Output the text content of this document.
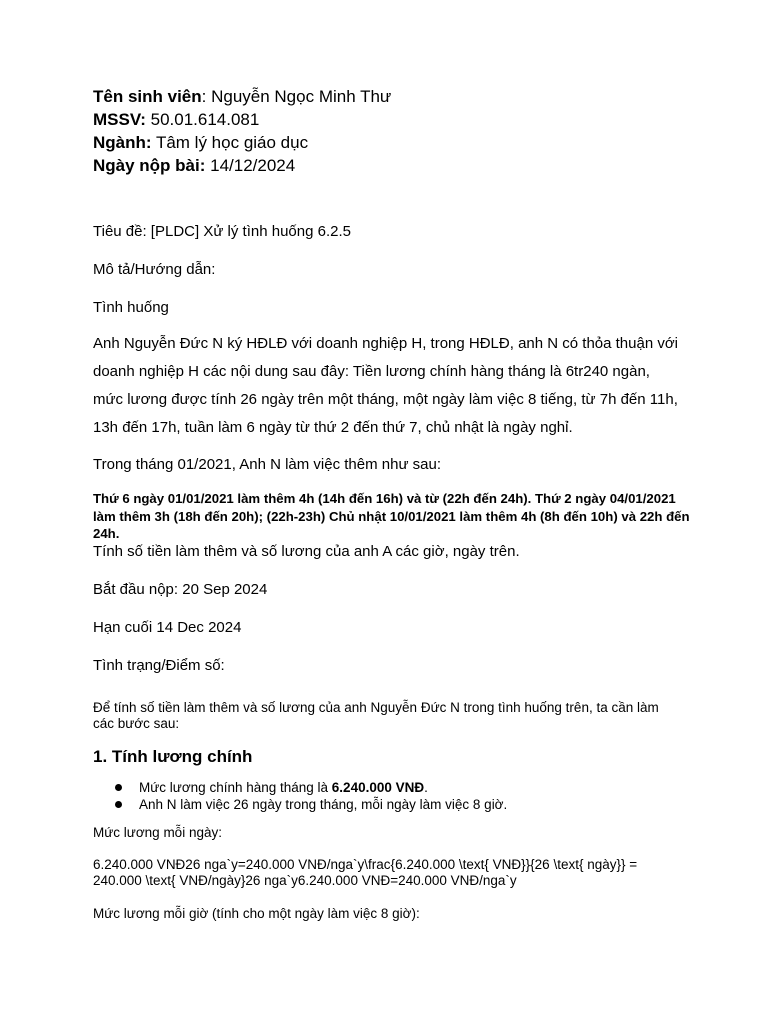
Tên sinh viên: Nguyễn Ngọc Minh Thư
MSSV: 50.01.614.081
Ngành: Tâm lý học giáo dục
Ngày nộp bài: 14/12/2024
Tiêu đề: [PLDC] Xử lý tình huống 6.2.5
Mô tả/Hướng dẫn:
Tình huống
Anh Nguyễn Đức N ký HĐLĐ với doanh nghiệp H, trong HĐLĐ, anh N có thỏa thuận với doanh nghiệp H các nội dung sau đây: Tiền lương chính hàng tháng là 6tr240 ngàn, mức lương được tính 26 ngày trên một tháng, một ngày làm việc 8 tiếng, từ 7h đến 11h, 13h đến 17h, tuần làm 6 ngày từ thứ 2 đến thứ 7, chủ nhật là ngày nghỉ.
Trong tháng 01/2021, Anh N làm việc thêm như sau:
Thứ 6 ngày 01/01/2021 làm thêm 4h (14h đến 16h) và từ (22h đến 24h). Thứ 2 ngày 04/01/2021 làm thêm 3h (18h đến 20h); (22h-23h) Chủ nhật 10/01/2021 làm thêm 4h (8h đến 10h) và 22h đến 24h.
Tính số tiền làm thêm và số lương của anh A các giờ, ngày trên.
Bắt đầu nộp: 20 Sep 2024
Hạn cuối 14 Dec 2024
Tình trạng/Điểm số:
Để tính số tiền làm thêm và số lương của anh Nguyễn Đức N trong tình huống trên, ta cần làm các bước sau:
1. Tính lương chính
Mức lương chính hàng tháng là 6.240.000 VNĐ.
Anh N làm việc 26 ngày trong tháng, mỗi ngày làm việc 8 giờ.
Mức lương mỗi ngày:
6.240.000 VNĐ26 nga`y=240.000 VNĐ/nga`y\frac{6.240.000 \text{ VNĐ}}{26 \text{ ngày}} = 240.000 \text{ VNĐ/ngày}26 nga`y6.240.000 VNĐ=240.000 VNĐ/nga`y
Mức lương mỗi giờ (tính cho một ngày làm việc 8 giờ):
